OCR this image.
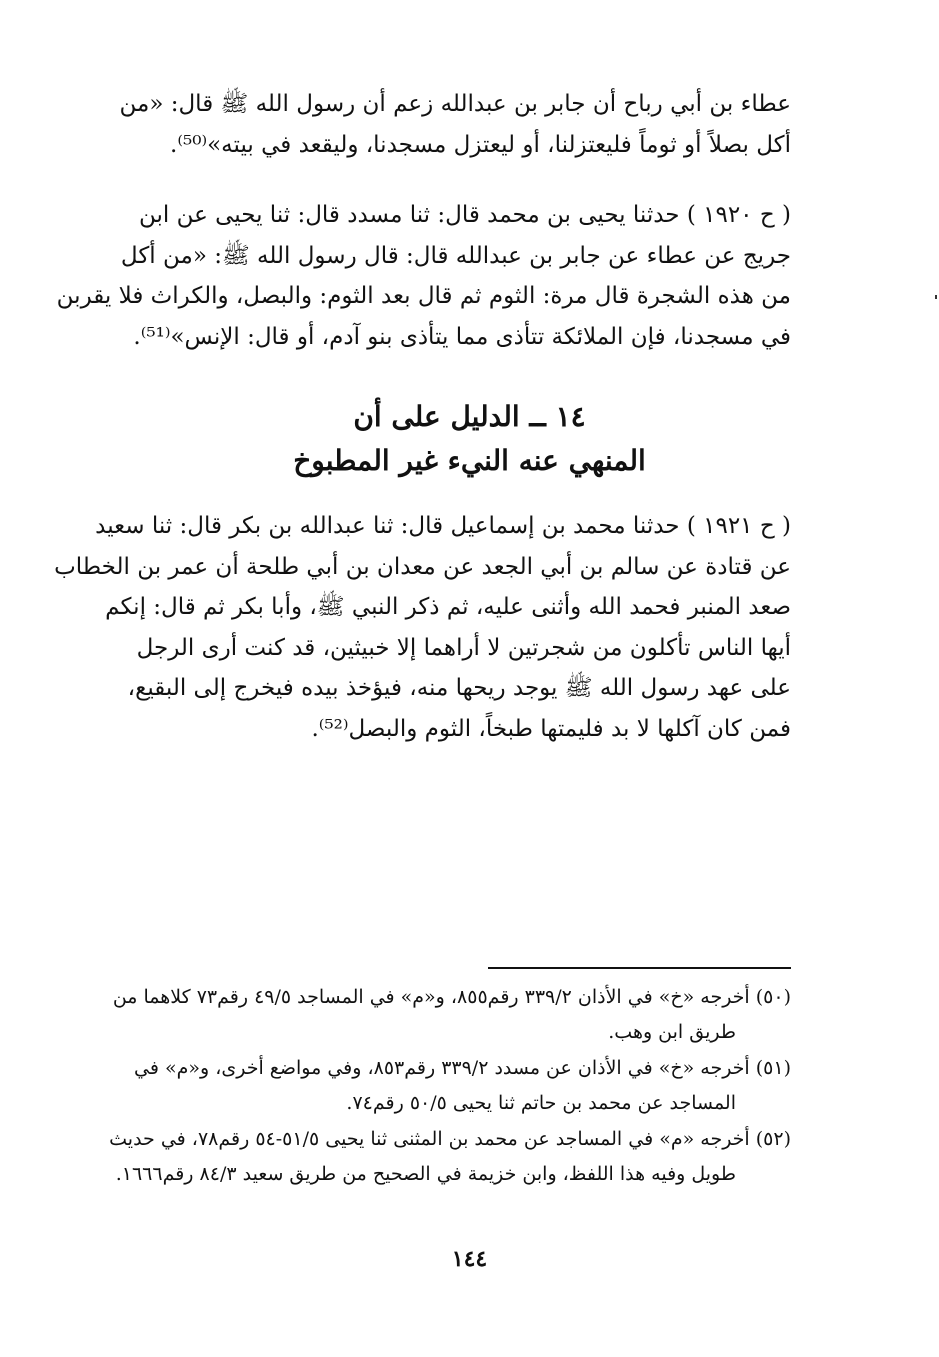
عطاء بن أبي رباح أن جابر بن عبدالله زعم أن رسول الله ﷺ قال: «من
أكل بصلاً أو ثوماً فليعتزلنا، أو ليعتزل مسجدنا، وليقعد في بيته»⁽⁵⁰⁾.
( ح ١٩٢٠ ) حدثنا يحيى بن محمد قال: ثنا مسدد قال: ثنا يحيى عن ابن
جريج عن عطاء عن جابر بن عبدالله قال: قال رسول الله ﷺ: «من أكل
من هذه الشجرة قال مرة: الثوم ثم قال بعد الثوم: والبصل، والكراث فلا يقربن
في مسجدنا، فإن الملائكة تتأذى مما يتأذى بنو آدم، أو قال: الإنس»⁽⁵¹⁾.
١٤ ــ الدليل على أن
المنهي عنه النيء غير المطبوخ
( ح ١٩٢١ ) حدثنا محمد بن إسماعيل قال: ثنا عبدالله بن بكر قال: ثنا سعيد
عن قتادة عن سالم بن أبي الجعد عن معدان بن أبي طلحة أن عمر بن الخطاب
صعد المنبر فحمد الله وأثنى عليه، ثم ذكر النبي ﷺ، وأبا بكر ثم قال: إنكم
أيها الناس تأكلون من شجرتين لا أراهما إلا خبيثين، قد كنت أرى الرجل
على عهد رسول الله ﷺ يوجد ريحها منه، فيؤخذ بيده فيخرج إلى البقيع،
فمن كان آكلها لا بد فليمتها طبخاً، الثوم والبصل⁽⁵²⁾.
(٥٠) أخرجه «خ» في الأذان ٣٣٩/٢ رقم٨٥٥، و«م» في المساجد ٤٩/٥ رقم٧٣ كلاهما من
طريق ابن وهب.
(٥١) أخرجه «خ» في الأذان عن مسدد ٣٣٩/٢ رقم٨٥٣، وفي مواضع أخرى، و«م» في
المساجد عن محمد بن حاتم ثنا يحيى ٥٠/٥ رقم٧٤.
(٥٢) أخرجه «م» في المساجد عن محمد بن المثنى ثنا يحيى ٥١/٥-٥٤ رقم٧٨، في حديث
طويل وفيه هذا اللفظ، وابن خزيمة في الصحيح من طريق سعيد ٨٤/٣ رقم١٦٦٦.
١٤٤
